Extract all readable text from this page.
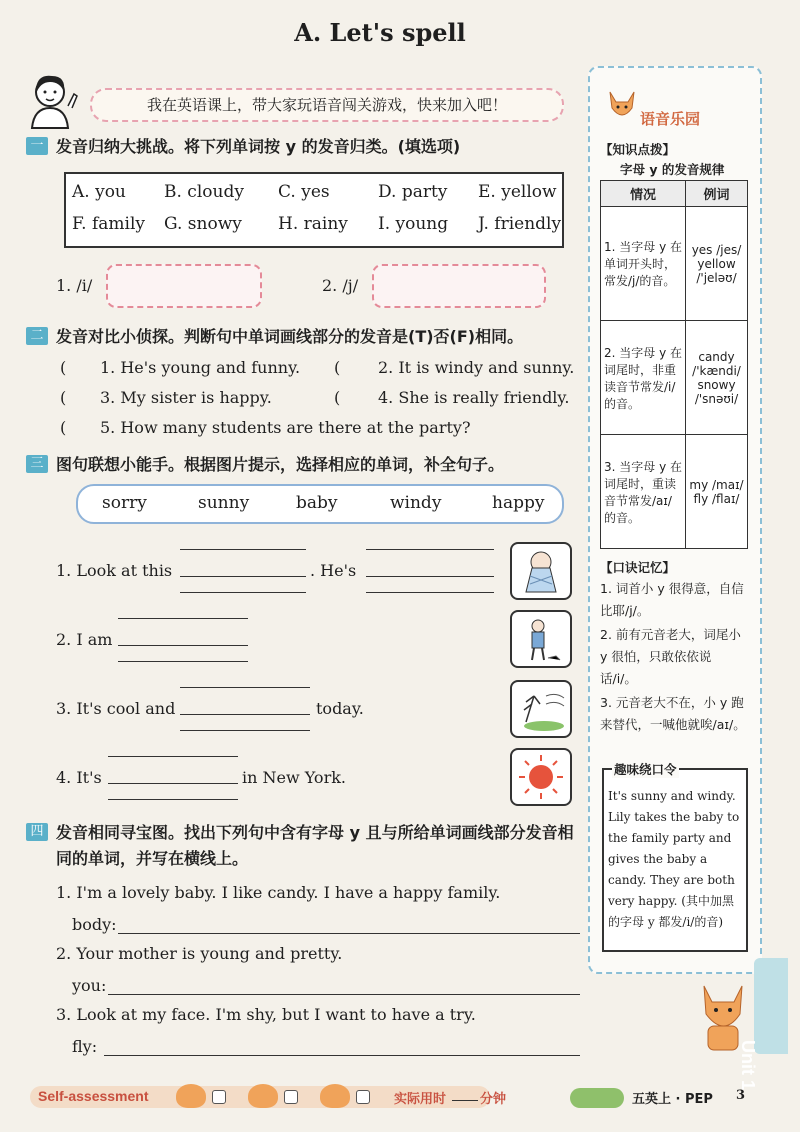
A. Let's spell
我在英语课上，带大家玩语音闯关游戏，快来加入吧！
一 发音归纳大挑战。将下列单词按 y 的发音归类。(填选项)
A. you B. cloudy C. yes	D. party E. yellow
F. family G. snowy H. rainy I. young J. friendly
1. /i/	2. /j/
二 发音对比小侦探。判断句中单词画线部分的发音是(T)否(F)相同。
( 1. He's young and funny. ( 2. It is windy and sunny.
( 3. My sister is happy.	( 4. She is really friendly.
( 5. How many students are there at the party?
三 图句联想小能手。根据图片提示，选择相应的单词，补全句子。
sorry	sunny	baby	windy	happy
1. Look at this	. He's
2. I am
3. It's cool and	today.
4. It's	in New York.
四 发音相同寻宝图。找出下列句中含有字母 y 且与所给单词画线部分发音相同的单词，并写在横线上。
1. I'm a lovely baby. I like candy. I have a happy family.
body:
2. Your mother is young and pretty.
you:
3. Look at my face. I'm shy, but I want to have a try.
fly:
语音乐园
【知识点拨】
字母 y 的发音规律
情况	例词
1. 当字母 y 在单词开头时，常发/j/的音。	yes /jes/ yellow /'jeləʊ/
2. 当字母 y 在词尾时，非重读音节常发/i/的音。	candy /'kændi/ snowy /'snəʊi/
3. 当字母 y 在词尾时，重读音节常发/aɪ/的音。	my /maɪ/ fly /flaɪ/
【口诀记忆】
1. 词首小 y 很得意，自信比耶/j/。
2. 前有元音老大，词尾小 y 很怕，只敢依依说话/i/。
3. 元音老大不在，小 y 跑来替代，一喊他就唉/aɪ/。
趣味绕口令
It's sunny and windy. Lily takes the baby to the family party and gives the baby a candy. They are both very happy. (其中加黑的字母 y 都发/i/的音)
Unit 1
Self-assessment	实际用时	分钟	五英上 · PEP 3
